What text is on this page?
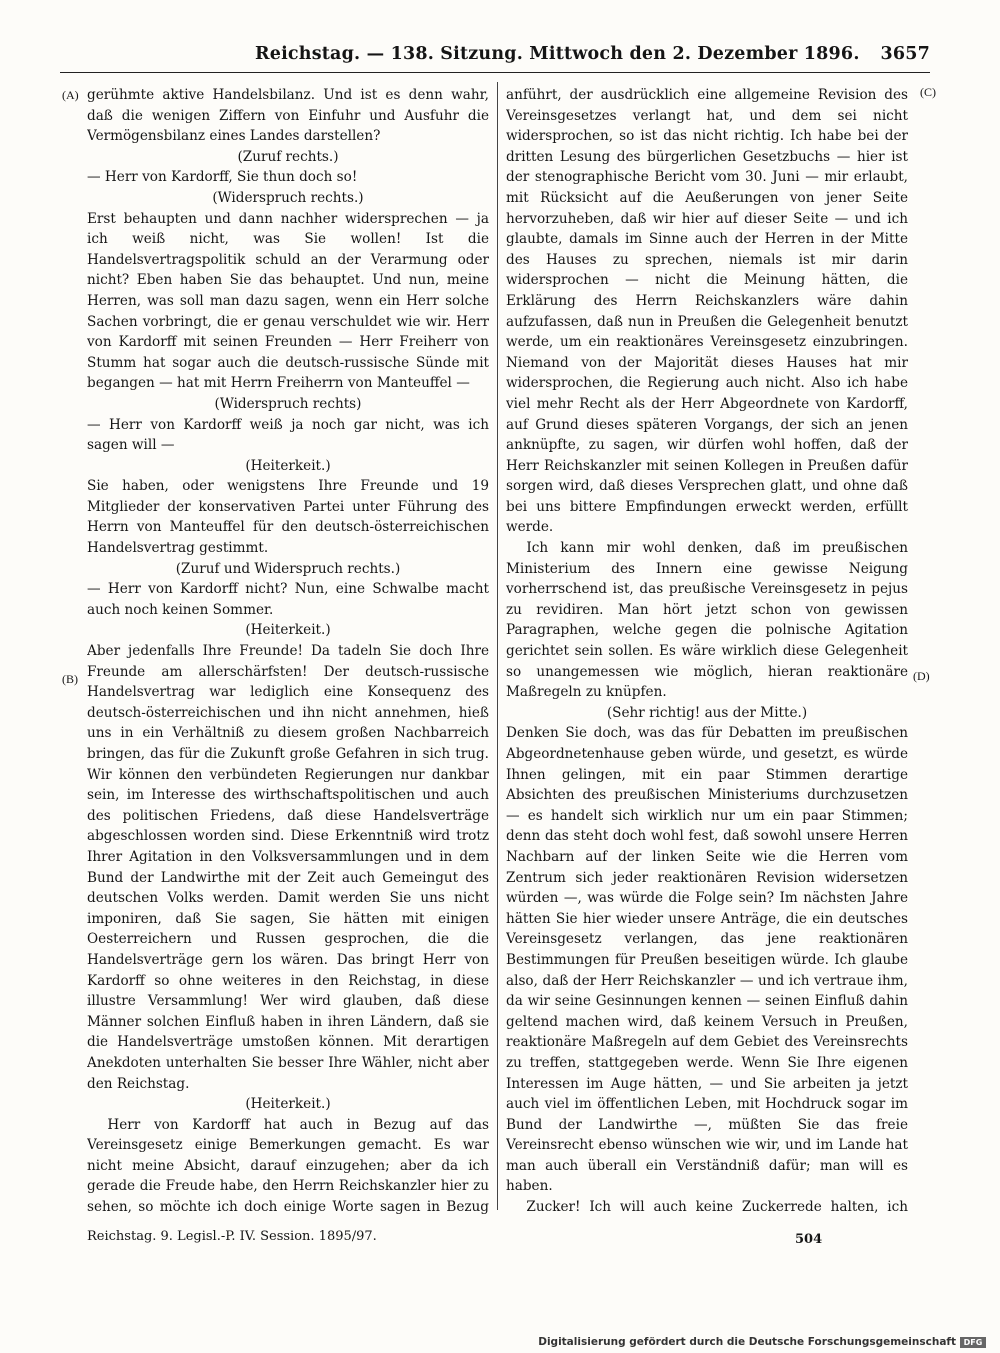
Reichstag. — 138. Sitzung. Mittwoch den 2. Dezember 1896. 3657
(A)
(B)
(C)
(D)

gerühmte aktive Handelsbilanz. Und ist es denn wahr, daß die wenigen Ziffern von Einfuhr und Ausfuhr die Vermögensbilanz eines Landes darstellen?

(Zuruf rechts.)

— Herr von Kardorff, Sie thun doch so!

(Widerspruch rechts.)

Erst behaupten und dann nachher widersprechen — ja ich weiß nicht, was Sie wollen! Ist die Handelsvertragspolitik schuld an der Verarmung oder nicht? Eben haben Sie das behauptet. Und nun, meine Herren, was soll man dazu sagen, wenn ein Herr solche Sachen vorbringt, die er genau verschuldet wie wir. Herr von Kardorff mit seinen Freunden — Herr Freiherr von Stumm hat sogar auch die deutsch-russische Sünde mit begangen — hat mit Herrn Freiherrn von Manteuffel —

(Widerspruch rechts)

— Herr von Kardorff weiß ja noch gar nicht, was ich sagen will —

(Heiterkeit.)

Sie haben, oder wenigstens Ihre Freunde und 19 Mitglieder der konservativen Partei unter Führung des Herrn von Manteuffel für den deutsch-österreichischen Handelsvertrag gestimmt.

(Zuruf und Widerspruch rechts.)

— Herr von Kardorff nicht? Nun, eine Schwalbe macht auch noch keinen Sommer.

(Heiterkeit.)

Aber jedenfalls Ihre Freunde! Da tadeln Sie doch Ihre Freunde am allerschärfsten! Der deutsch-russische Handelsvertrag war lediglich eine Konsequenz des deutsch-österreichischen und ihn nicht annehmen, hieß uns in ein Verhältniß zu diesem großen Nachbarreich bringen, das für die Zukunft große Gefahren in sich trug. Wir können den verbündeten Regierungen nur dankbar sein, im Interesse des wirthschaftspolitischen und auch des politischen Friedens, daß diese Handelsverträge abgeschlossen worden sind. Diese Erkenntniß wird trotz Ihrer Agitation in den Volksversammlungen und in dem Bund der Landwirthe mit der Zeit auch Gemeingut des deutschen Volks werden. Damit werden Sie uns nicht imponiren, daß Sie sagen, Sie hätten mit einigen Oesterreichern und Russen gesprochen, die die Handelsverträge gern los wären. Das bringt Herr von Kardorff so ohne weiteres in den Reichstag, in diese illustre Versammlung! Wer wird glauben, daß diese Männer solchen Einfluß haben in ihren Ländern, daß sie die Handelsverträge umstoßen können. Mit derartigen Anekdoten unterhalten Sie besser Ihre Wähler, nicht aber den Reichstag.

(Heiterkeit.)

Herr von Kardorff hat auch in Bezug auf das Vereinsgesetz einige Bemerkungen gemacht. Es war nicht meine Absicht, darauf einzugehen; aber da ich gerade die Freude habe, den Herrn Reichskanzler hier zu sehen, so möchte ich doch einige Worte sagen in Bezug

anführt, der ausdrücklich eine allgemeine Revision des Vereinsgesetzes verlangt hat, und dem sei nicht widersprochen, so ist das nicht richtig. Ich habe bei der dritten Lesung des bürgerlichen Gesetzbuchs — hier ist der stenographische Bericht vom 30. Juni — mir erlaubt, mit Rücksicht auf die Aeußerungen von jener Seite hervorzuheben, daß wir hier auf dieser Seite — und ich glaubte, damals im Sinne auch der Herren in der Mitte des Hauses zu sprechen, niemals ist mir darin widersprochen — nicht die Meinung hätten, die Erklärung des Herrn Reichskanzlers wäre dahin aufzufassen, daß nun in Preußen die Gelegenheit benutzt werde, um ein reaktionäres Vereinsgesetz einzubringen. Niemand von der Majorität dieses Hauses hat mir widersprochen, die Regierung auch nicht. Also ich habe viel mehr Recht als der Herr Abgeordnete von Kardorff, auf Grund dieses späteren Vorgangs, der sich an jenen anknüpfte, zu sagen, wir dürfen wohl hoffen, daß der Herr Reichskanzler mit seinen Kollegen in Preußen dafür sorgen wird, daß dieses Versprechen glatt, und ohne daß bei uns bittere Empfindungen erweckt werden, erfüllt werde.

Ich kann mir wohl denken, daß im preußischen Ministerium des Innern eine gewisse Neigung vorherrschend ist, das preußische Vereinsgesetz in pejus zu revidiren. Man hört jetzt schon von gewissen Paragraphen, welche gegen die polnische Agitation gerichtet sein sollen. Es wäre wirklich diese Gelegenheit so unangemessen wie möglich, hieran reaktionäre Maßregeln zu knüpfen.

(Sehr richtig! aus der Mitte.)

Denken Sie doch, was das für Debatten im preußischen Abgeordnetenhause geben würde, und gesetzt, es würde Ihnen gelingen, mit ein paar Stimmen derartige Absichten des preußischen Ministeriums durchzusetzen — es handelt sich wirklich nur um ein paar Stimmen; denn das steht doch wohl fest, daß sowohl unsere Herren Nachbarn auf der linken Seite wie die Herren vom Zentrum sich jeder reaktionären Revision widersetzen würden —, was würde die Folge sein? Im nächsten Jahre hätten Sie hier wieder unsere Anträge, die ein deutsches Vereinsgesetz verlangen, das jene reaktionären Bestimmungen für Preußen beseitigen würde. Ich glaube also, daß der Herr Reichskanzler — und ich vertraue ihm, da wir seine Gesinnungen kennen — seinen Einfluß dahin geltend machen wird, daß keinem Versuch in Preußen, reaktionäre Maßregeln auf dem Gebiet des Vereinsrechts zu treffen, stattgegeben werde. Wenn Sie Ihre eigenen Interessen im Auge hätten, — und Sie arbeiten ja jetzt auch viel im öffentlichen Leben, mit Hochdruck sogar im Bund der Landwirthe —, müßten Sie das freie Vereinsrecht ebenso wünschen wie wir, und im Lande hat man auch überall ein Verständniß dafür; man will es haben.

Zucker! Ich will auch keine Zuckerrede halten, ich

Reichstag. 9. Legisl.-P. IV. Session. 1895/97.	504
Digitalisierung gefördert durch die Deutsche Forschungsgemeinschaft DFG
